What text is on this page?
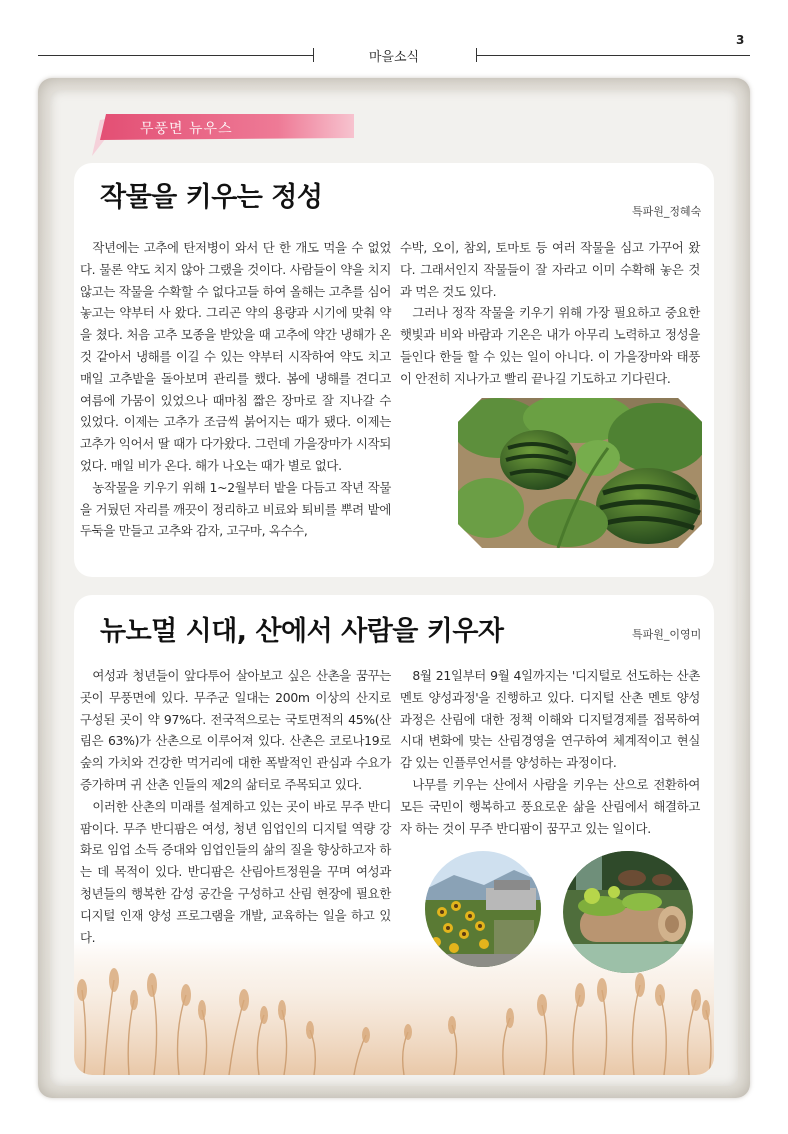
마을소식
3
무풍면 뉴우스
작물을 키우는 정성	특파원_정혜숙

작년에는 고추에 탄저병이 와서 단 한 개도 먹을 수 없었다. 물론 약도 치지 않아 그랬을 것이다. 사람들이 약을 치지 않고는 작물을 수확할 수 없다고들 하여 올해는 고추를 심어 놓고는 약부터 사 왔다. 그리곤 약의 용량과 시기에 맞춰 약을 쳤다. 처음 고추 모종을 받았을 때 고추에 약간 냉해가 온 것 같아서 냉해를 이길 수 있는 약부터 시작하여 약도 치고 매일 고추밭을 돌아보며 관리를 했다. 봄에 냉해를 견디고 여름에 가뭄이 있었으나 때마침 짧은 장마로 잘 지나갈 수 있었다. 이제는 고추가 조금씩 붉어지는 때가 됐다. 이제는 고추가 익어서 딸 때가 다가왔다. 그런데 가을장마가 시작되었다. 매일 비가 온다. 해가 나오는 때가 별로 없다.

농작물을 키우기 위해 1~2월부터 밭을 다듬고 작년 작물을 거뒀던 자리를 깨끗이 정리하고 비료와 퇴비를 뿌려 밭에 두둑을 만들고 고추와 감자, 고구마, 옥수수,

수박, 오이, 참외, 토마토 등 여러 작물을 심고 가꾸어 왔다. 그래서인지 작물들이 잘 자라고 이미 수확해 놓은 것과 먹은 것도 있다.

그러나 정작 작물을 키우기 위해 가장 필요하고 중요한 햇빛과 비와 바람과 기온은 내가 아무리 노력하고 정성을 들인다 한들 할 수 있는 일이 아니다. 이 가을장마와 태풍이 안전히 지나가고 빨리 끝나길 기도하고 기다린다.

뉴노멀 시대, 산에서 사람을 키우자	특파원_이영미

여성과 청년들이 앞다투어 살아보고 싶은 산촌을 꿈꾸는 곳이 무풍면에 있다. 무주군 일대는 200m 이상의 산지로 구성된 곳이 약 97%다. 전국적으로는 국토면적의 45%(산림은 63%)가 산촌으로 이루어져 있다. 산촌은 코로나19로 숲의 가치와 건강한 먹거리에 대한 폭발적인 관심과 수요가 증가하며 귀 산촌 인들의 제2의 삶터로 주목되고 있다.

이러한 산촌의 미래를 설계하고 있는 곳이 바로 무주 반디팜이다. 무주 반디팜은 여성, 청년 임업인의 디지털 역량 강화로 임업 소득 증대와 임업인들의 삶의 질을 향상하고자 하는 데 목적이 있다. 반디팜은 산림아트정원을 꾸며 여성과 청년들의 행복한 감성 공간을 구성하고 산림 현장에 필요한 디지털 인재 양성 프로그램을 개발, 교육하는 일을 하고 있다.

8월 21일부터 9월 4일까지는 '디지털로 선도하는 산촌 멘토 양성과정'을 진행하고 있다. 디지털 산촌 멘토 양성과정은 산림에 대한 정책 이해와 디지털경제를 접목하여 시대 변화에 맞는 산림경영을 연구하여 체계적이고 현실감 있는 인플루언서를 양성하는 과정이다.

나무를 키우는 산에서 사람을 키우는 산으로 전환하여 모든 국민이 행복하고 풍요로운 삶을 산림에서 해결하고자 하는 것이 무주 반디팜이 꿈꾸고 있는 일이다.
